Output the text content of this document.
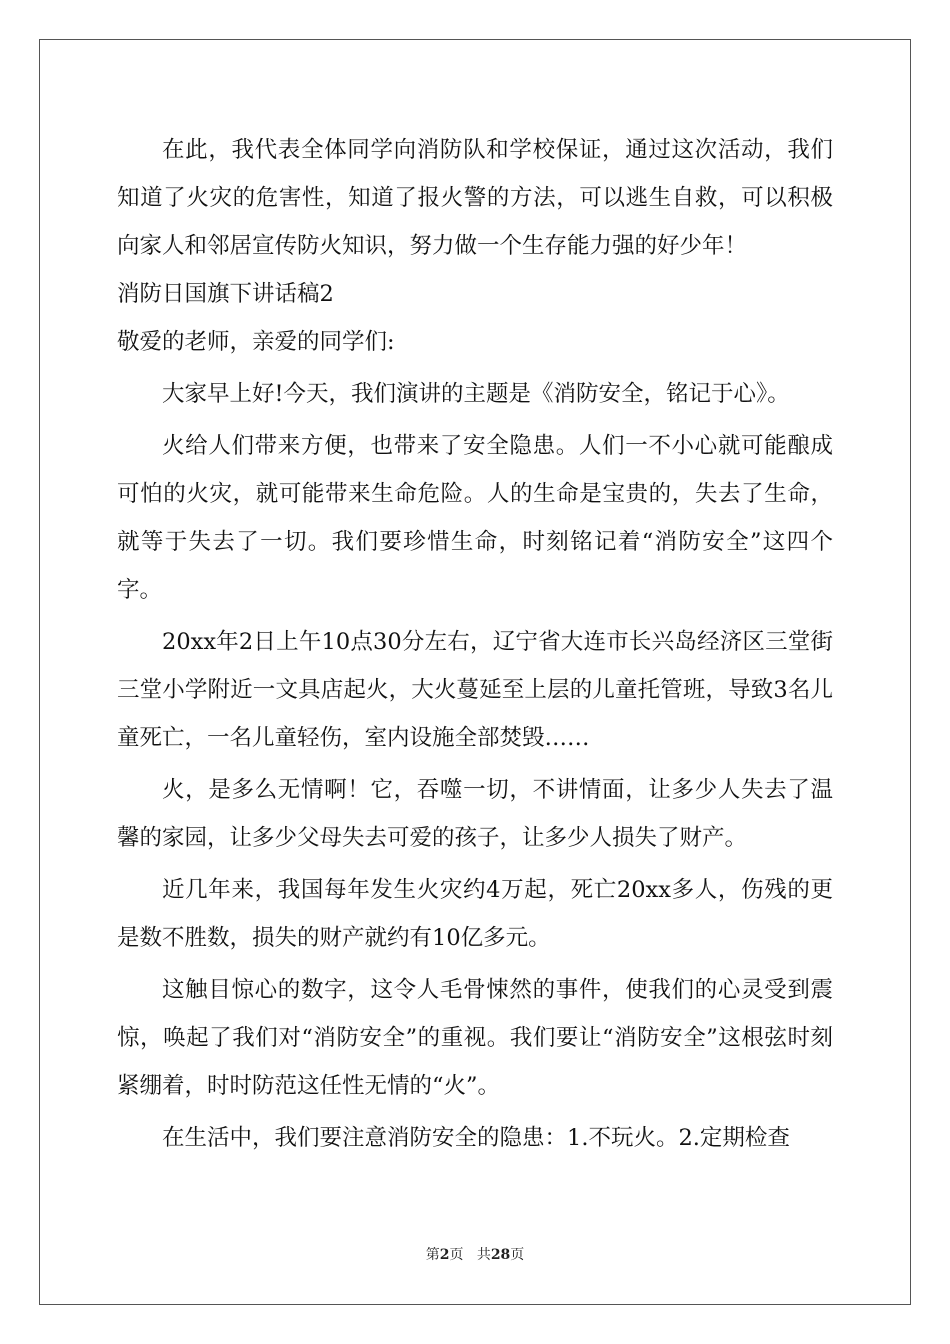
在此，我代表全体同学向消防队和学校保证，通过这次活动，我们知道了火灾的危害性，知道了报火警的方法，可以逃生自救，可以积极向家人和邻居宣传防火知识，努力做一个生存能力强的好少年！

消防日国旗下讲话稿2

敬爱的老师，亲爱的同学们:

大家早上好!今天，我们演讲的主题是《消防安全，铭记于心》。

火给人们带来方便，也带来了安全隐患。人们一不小心就可能酿成可怕的火灾，就可能带来生命危险。人的生命是宝贵的，失去了生命，就等于失去了一切。我们要珍惜生命，时刻铭记着“消防安全”这四个字。

20xx年2日上午10点30分左右，辽宁省大连市长兴岛经济区三堂街三堂小学附近一文具店起火，大火蔓延至上层的儿童托管班，导致3名儿童死亡，一名儿童轻伤，室内设施全部焚毁……

火，是多么无情啊！它，吞噬一切，不讲情面，让多少人失去了温馨的家园，让多少父母失去可爱的孩子，让多少人损失了财产。

近几年来，我国每年发生火灾约4万起，死亡20xx多人，伤残的更是数不胜数，损失的财产就约有10亿多元。

这触目惊心的数字，这令人毛骨悚然的事件，使我们的心灵受到震惊，唤起了我们对“消防安全”的重视。我们要让“消防安全”这根弦时刻紧绷着，时时防范这任性无情的“火”。

在生活中，我们要注意消防安全的隐患：1.不玩火。2.定期检查

第2页 共28页
